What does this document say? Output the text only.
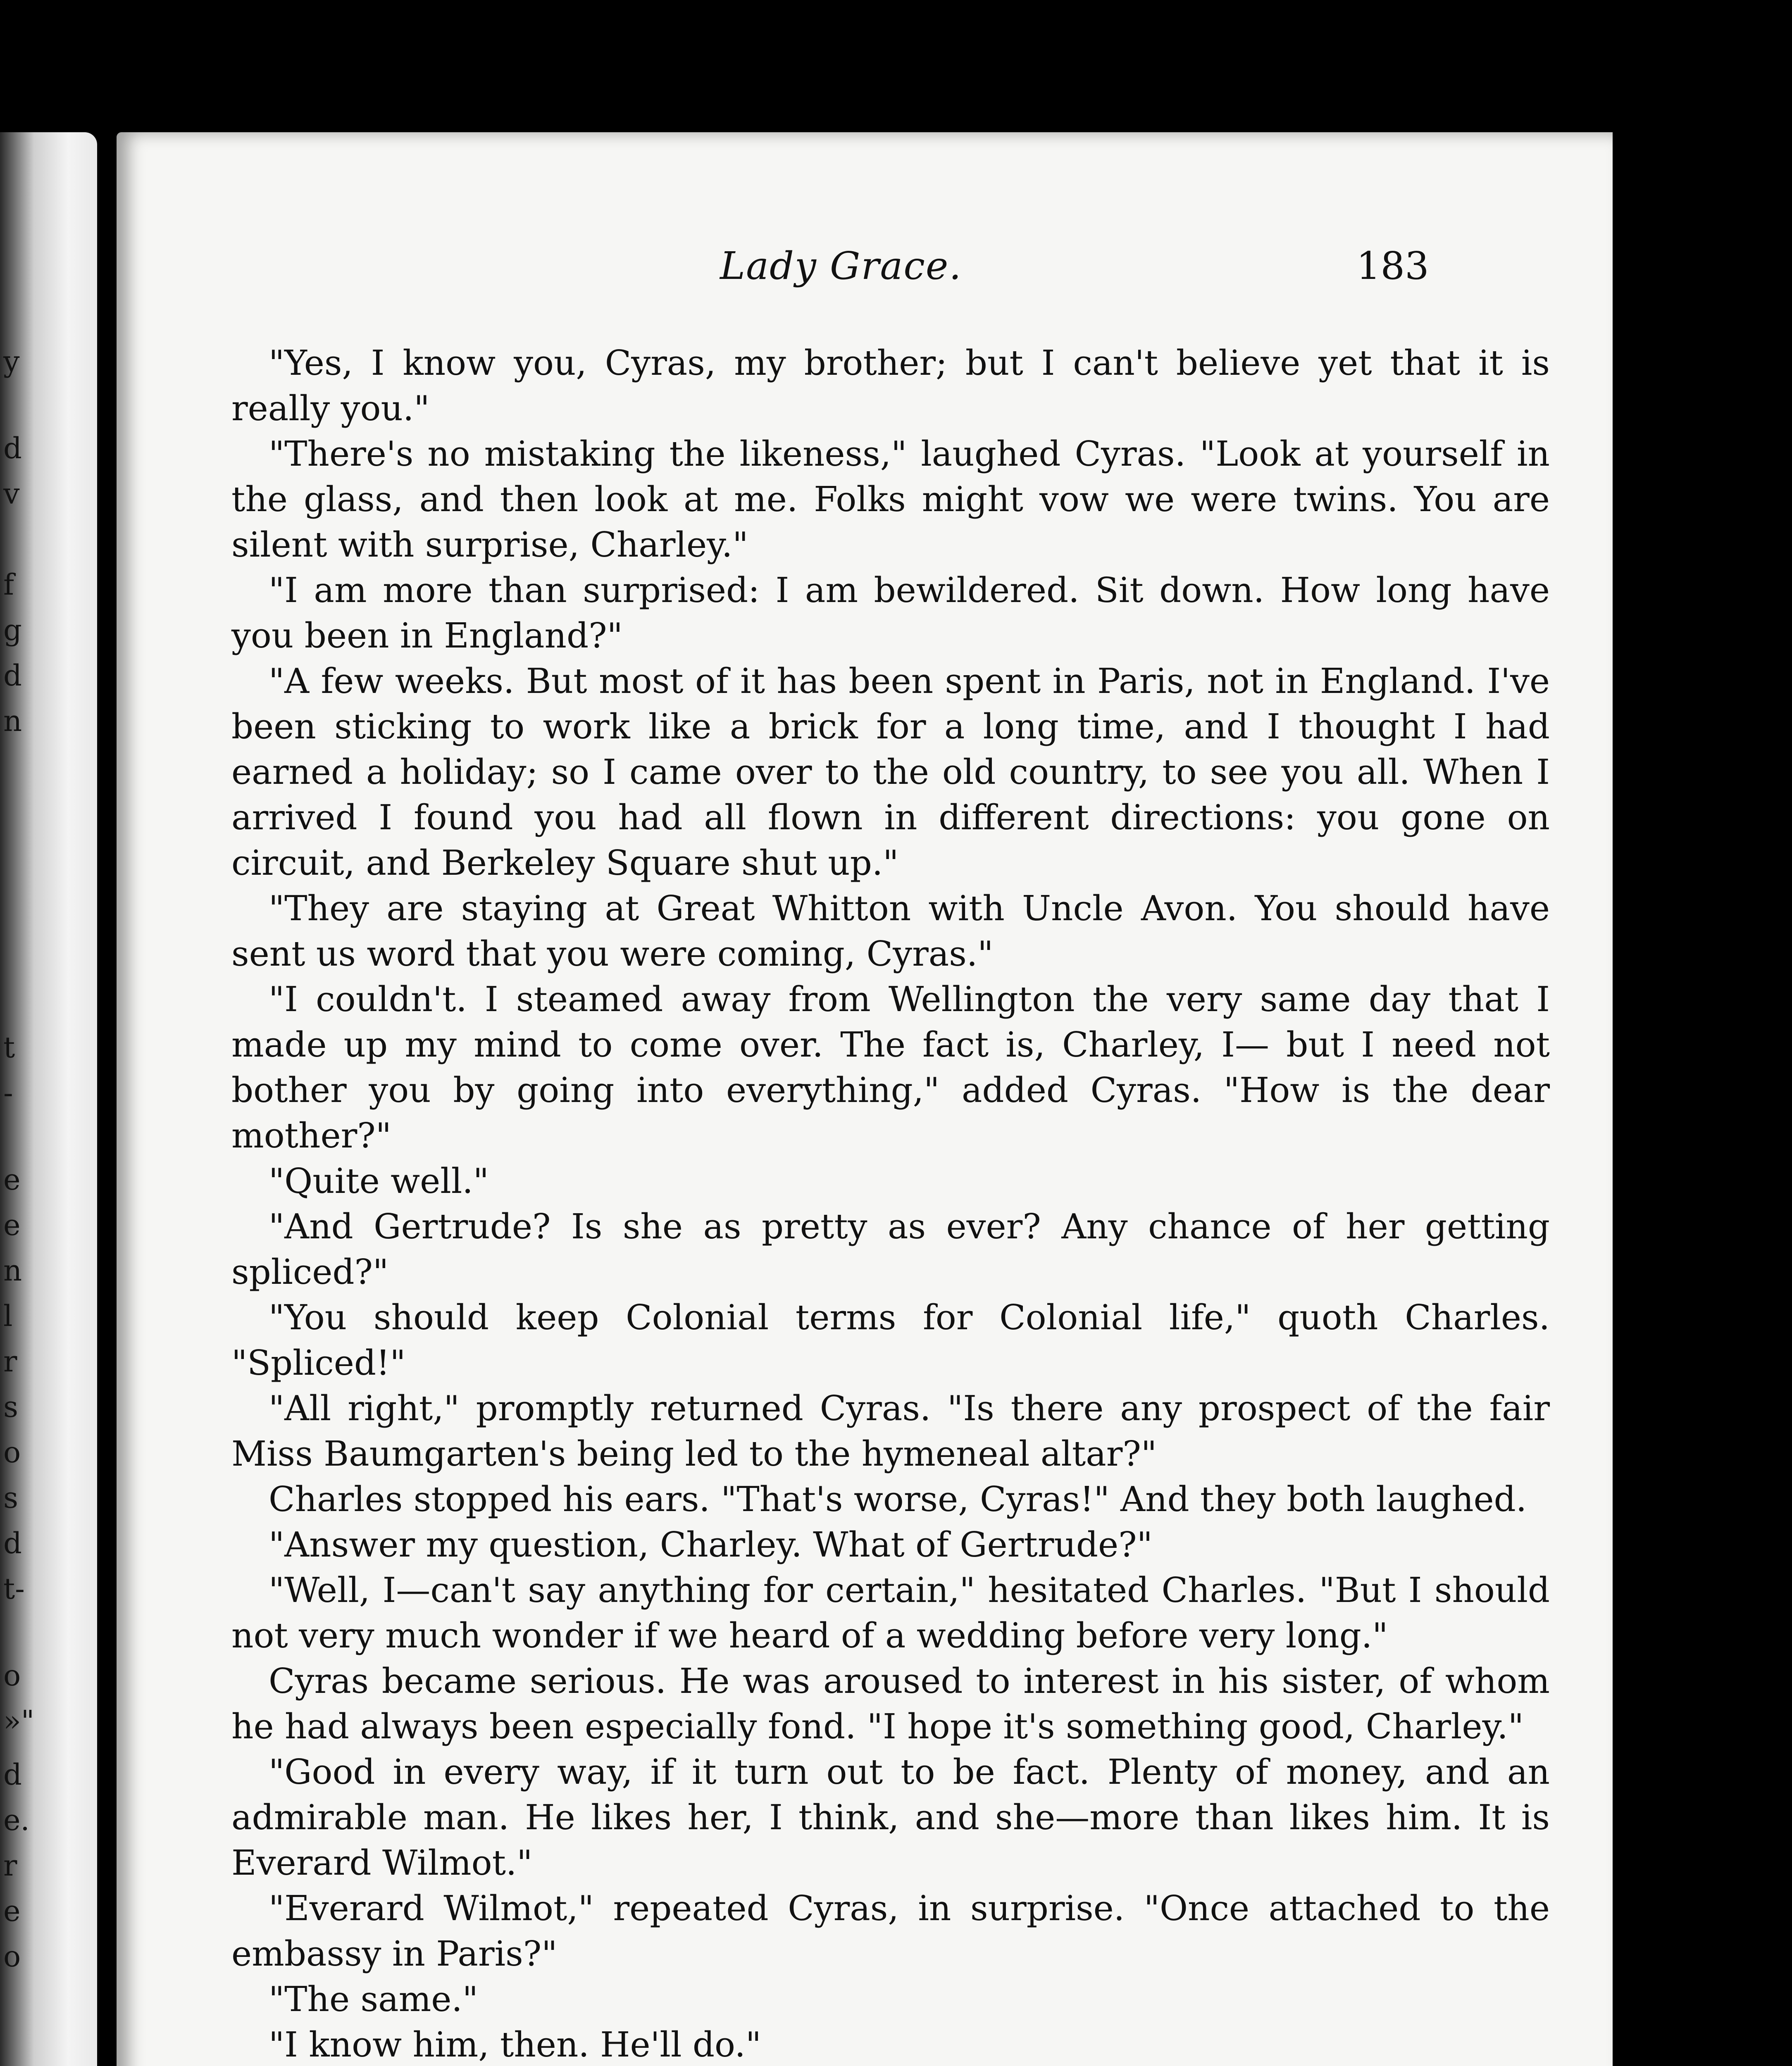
y
d
v
f
g
d
n
t
-
e
e
n
l
r
s
o
s
d
t-
o
»"
d
e.
r
e
o
Lady Grace.	183

"Yes, I know you, Cyras, my brother; but I can't believe yet that it is really you."

"There's no mistaking the likeness," laughed Cyras. "Look at yourself in the glass, and then look at me. Folks might vow we were twins. You are silent with surprise, Charley."

"I am more than surprised: I am bewildered. Sit down. How long have you been in England?"

"A few weeks. But most of it has been spent in Paris, not in England. I've been sticking to work like a brick for a long time, and I thought I had earned a holiday; so I came over to the old country, to see you all. When I arrived I found you had all flown in different directions: you gone on circuit, and Berkeley Square shut up."

"They are staying at Great Whitton with Uncle Avon. You should have sent us word that you were coming, Cyras."

"I couldn't. I steamed away from Wellington the very same day that I made up my mind to come over. The fact is, Charley, I— but I need not bother you by going into everything," added Cyras. "How is the dear mother?"

"Quite well."

"And Gertrude? Is she as pretty as ever? Any chance of her getting spliced?"

"You should keep Colonial terms for Colonial life," quoth Charles. "Spliced!"

"All right," promptly returned Cyras. "Is there any prospect of the fair Miss Baumgarten's being led to the hymeneal altar?"

Charles stopped his ears. "That's worse, Cyras!" And they both laughed.

"Answer my question, Charley. What of Gertrude?"

"Well, I—can't say anything for certain," hesitated Charles. "But I should not very much wonder if we heard of a wedding before very long."

Cyras became serious. He was aroused to interest in his sister, of whom he had always been especially fond. "I hope it's something good, Charley."

"Good in every way, if it turn out to be fact. Plenty of money, and an admirable man. He likes her, I think, and she—more than likes him. It is Everard Wilmot."

"Everard Wilmot," repeated Cyras, in surprise. "Once attached to the embassy in Paris?"

"The same."

"I know him, then. He'll do."
